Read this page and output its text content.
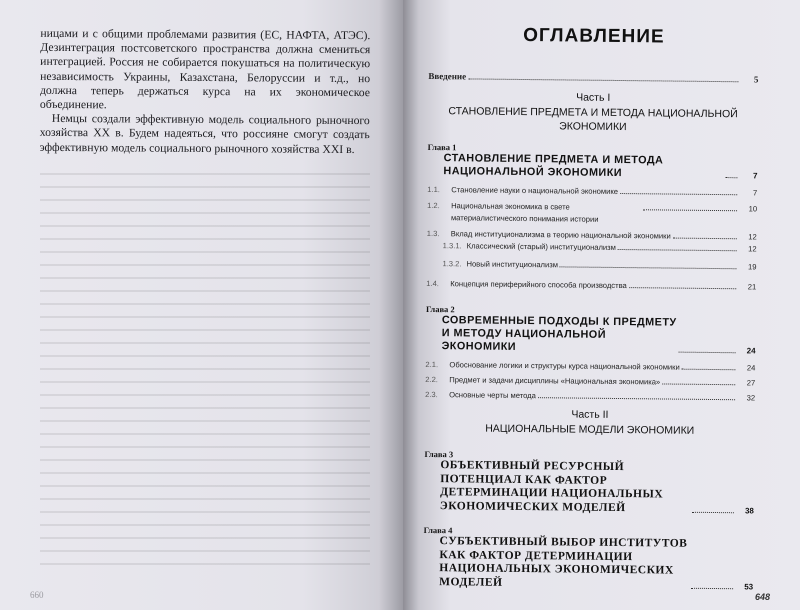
ницами и с общими проблемами развития (ЕС, НАФТА, АТЭС). Дезинтеграция постсоветского пространства должна смениться интеграцией. Россия не собирается покушаться на политическую независимость Украины, Казахстана, Белоруссии и т.д., но должна теперь держаться курса на их экономическое объединение.

Немцы создали эффективную модель социального рыночного хозяйства XX в. Будем надеяться, что россияне смогут создать эффективную модель социального рыночного хозяйства XXI в.

660
ОГЛАВЛЕНИЕ
Введение	5
Часть I
СТАНОВЛЕНИЕ ПРЕДМЕТА И МЕТОДА НАЦИОНАЛЬНОЙ ЭКОНОМИКИ
Глава 1
СТАНОВЛЕНИЕ ПРЕДМЕТА И МЕТОДА НАЦИОНАЛЬНОЙ ЭКОНОМИКИ	7
1.1.	Становление науки о национальной экономике	7
1.2.	Национальная экономика в свете материалистического понимания истории
10
1.3.	Вклад институционализма в теорию национальной экономики	12
1.3.1. Классический (старый) институционализм	12
1.3.2. Новый институционализм	19
1.4.	Концепция периферийного способа производства	21
Глава 2
СОВРЕМЕННЫЕ ПОДХОДЫ К ПРЕДМЕТУ И МЕТОДУ НАЦИОНАЛЬНОЙ ЭКОНОМИКИ	24
2.1.	Обоснование логики и структуры курса национальной экономики	24
2.2.	Предмет и задачи дисциплины «Национальная экономика»	27
2.3.	Основные черты метода	32
Часть II
НАЦИОНАЛЬНЫЕ МОДЕЛИ ЭКОНОМИКИ
Глава 3
ОБЪЕКТИВНЫЙ РЕСУРСНЫЙ ПОТЕНЦИАЛ КАК ФАКТОР ДЕТЕРМИНАЦИИ НАЦИОНАЛЬНЫХ ЭКОНОМИЧЕСКИХ МОДЕЛЕЙ	38
Глава 4
СУБЪЕКТИВНЫЙ ВЫБОР ИНСТИТУТОВ КАК ФАКТОР ДЕТЕРМИНАЦИИ НАЦИОНАЛЬНЫХ ЭКОНОМИЧЕСКИХ МОДЕЛЕЙ	53
648
